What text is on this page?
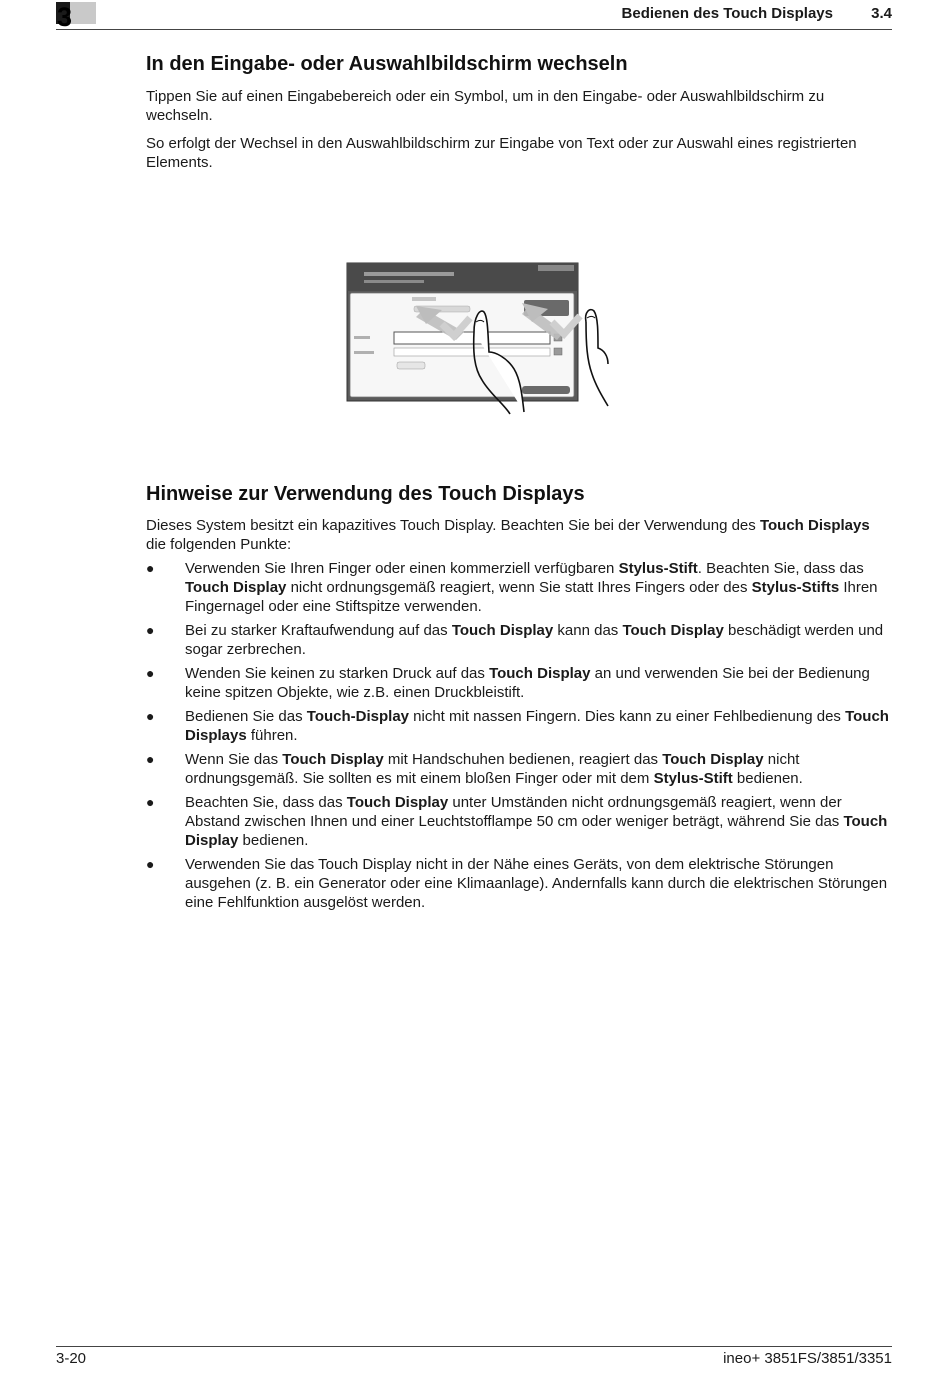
3	Bedienen des Touch Displays	3.4
In den Eingabe- oder Auswahlbildschirm wechseln

Tippen Sie auf einen Eingabebereich oder ein Symbol, um in den Eingabe- oder Auswahlbildschirm zu wechseln.

So erfolgt der Wechsel in den Auswahlbildschirm zur Eingabe von Text oder zur Auswahl eines registrierten Elements.

Hinweise zur Verwendung des Touch Displays

Dieses System besitzt ein kapazitives Touch Display. Beachten Sie bei der Verwendung des Touch Displays die folgenden Punkte:

● Verwenden Sie Ihren Finger oder einen kommerziell verfügbaren Stylus-Stift. Beachten Sie, dass das Touch Display nicht ordnungsgemäß reagiert, wenn Sie statt Ihres Fingers oder des Stylus-Stifts Ihren Fingernagel oder eine Stiftspitze verwenden.
● Bei zu starker Kraftaufwendung auf das Touch Display kann das Touch Display beschädigt werden und sogar zerbrechen.
● Wenden Sie keinen zu starken Druck auf das Touch Display an und verwenden Sie bei der Bedienung keine spitzen Objekte, wie z.B. einen Druckbleistift.
● Bedienen Sie das Touch-Display nicht mit nassen Fingern. Dies kann zu einer Fehlbedienung des Touch Displays führen.
● Wenn Sie das Touch Display mit Handschuhen bedienen, reagiert das Touch Display nicht ordnungsgemäß. Sie sollten es mit einem bloßen Finger oder mit dem Stylus-Stift bedienen.
● Beachten Sie, dass das Touch Display unter Umständen nicht ordnungsgemäß reagiert, wenn der Abstand zwischen Ihnen und einer Leuchtstofflampe 50 cm oder weniger beträgt, während Sie das Touch Display bedienen.
● Verwenden Sie das Touch Display nicht in der Nähe eines Geräts, von dem elektrische Störungen ausgehen (z. B. ein Generator oder eine Klimaanlage). Andernfalls kann durch die elektrischen Störungen eine Fehlfunktion ausgelöst werden.
3-20	ineo+ 3851FS/3851/3351
